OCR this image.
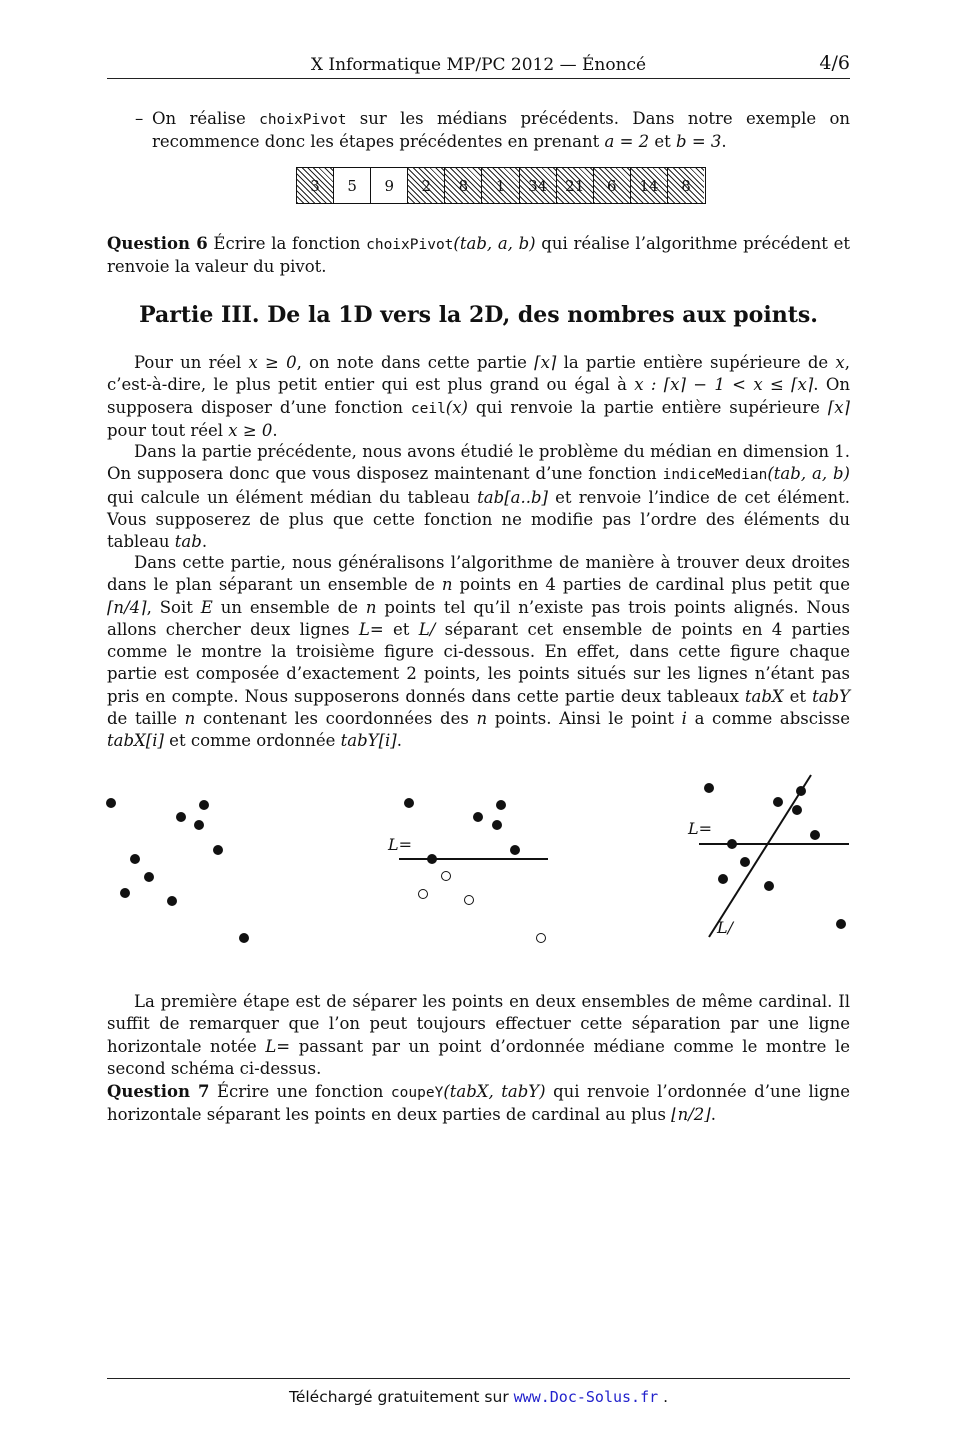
X Informatique MP/PC 2012 — Énoncé	4/6

– On réalise choixPivot sur les médians précédents. Dans notre exemple on recommence donc les étapes précédentes en prenant a = 2 et b = 3.

3 5 9 2 8 1 34 21 6 14 8

Question 6 Écrire la fonction choixPivot(tab, a, b) qui réalise l’algorithme précédent et renvoie la valeur du pivot.

Partie III. De la 1D vers la 2D, des nombres aux points.

Pour un réel x ≥ 0, on note dans cette partie ⌈x⌉ la partie entière supérieure de x, c’est-à-dire, le plus petit entier qui est plus grand ou égal à x : ⌈x⌉ − 1 < x ≤ ⌈x⌉. On supposera disposer d’une fonction ceil(x) qui renvoie la partie entière supérieure ⌈x⌉ pour tout réel x ≥ 0.

Dans la partie précédente, nous avons étudié le problème du médian en dimension 1. On supposera donc que vous disposez maintenant d’une fonction indiceMedian(tab, a, b) qui calcule un élément médian du tableau tab[a..b] et renvoie l’indice de cet élément. Vous supposerez de plus que cette fonction ne modifie pas l’ordre des éléments du tableau tab.

Dans cette partie, nous généralisons l’algorithme de manière à trouver deux droites dans le plan séparant un ensemble de n points en 4 parties de cardinal plus petit que ⌈n/4⌉, Soit E un ensemble de n points tel qu’il n’existe pas trois points alignés. Nous allons chercher deux lignes L= et L/ séparant cet ensemble de points en 4 parties comme le montre la troisième figure ci-dessous. En effet, dans cette figure chaque partie est composée d’exactement 2 points, les points situés sur les lignes n’étant pas pris en compte. Nous supposerons donnés dans cette partie deux tableaux tabX et tabY de taille n contenant les coordonnées des n points. Ainsi le point i a comme abscisse tabX[i] et comme ordonnée tabY[i].

L=
L=
L/

La première étape est de séparer les points en deux ensembles de même cardinal. Il suffit de remarquer que l’on peut toujours effectuer cette séparation par une ligne horizontale notée L= passant par un point d’ordonnée médiane comme le montre le second schéma ci-dessus.

Question 7 Écrire une fonction coupeY(tabX, tabY) qui renvoie l’ordonnée d’une ligne horizontale séparant les points en deux parties de cardinal au plus ⌊n/2⌋.

Téléchargé gratuitement sur www.Doc-Solus.fr .
